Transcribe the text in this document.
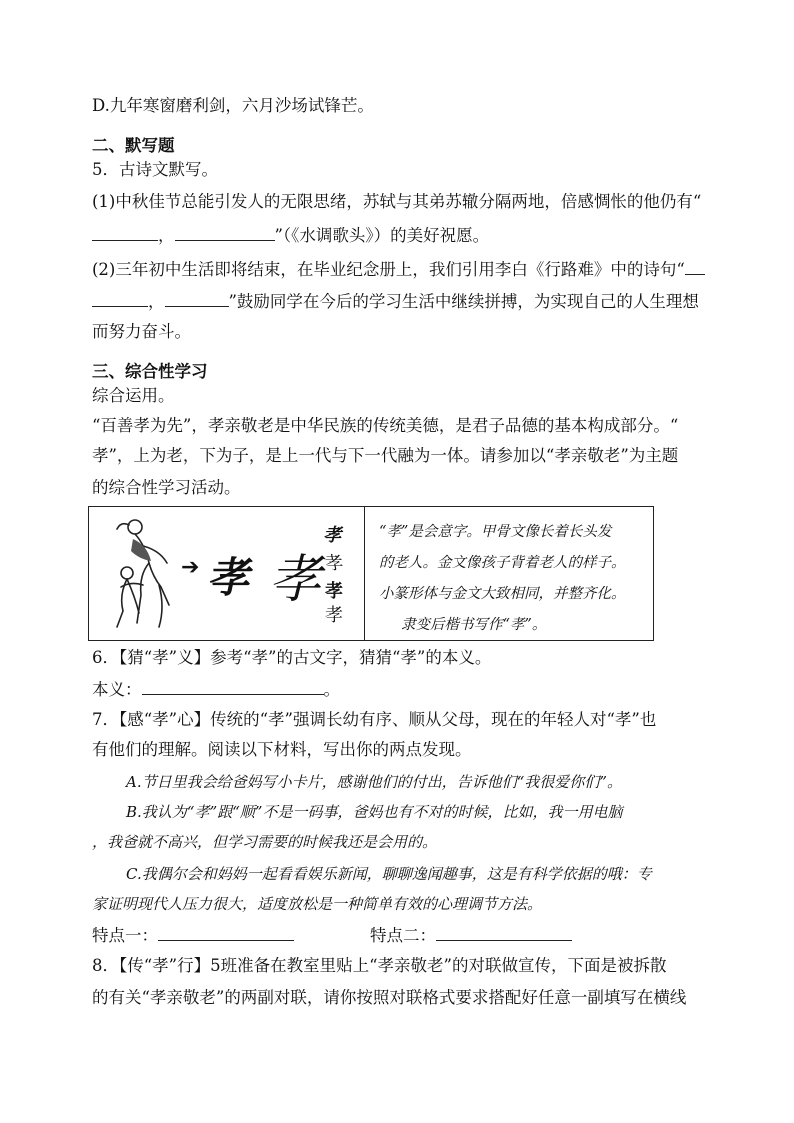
D.九年寒窗磨利剑，六月沙场试锋芒。
二、默写题
5．古诗文默写。
(1)中秋佳节总能引发人的无限思绪，苏轼与其弟苏辙分隔两地，倍感惆怅的他仍有“
，	”（《水调歌头》）的美好祝愿。
(2)三年初中生活即将结束，在毕业纪念册上，我们引用李白《行路难》中的诗句“
，	”鼓励同学在今后的学习生活中继续拼搏，为实现自己的人生理想
而努力奋斗。
三、综合性学习
综合运用。
“百善孝为先”，孝亲敬老是中华民族的传统美德，是君子品德的基本构成部分。“
孝”，上为老，下为子，是上一代与下一代融为一体。请参加以“孝亲敬老”为主题
的综合性学习活动。
➔ 孝 孝
孝
孝
孝
孝
“孝”是会意字。甲骨文像长着长头发
的老人。金文像孩子背着老人的样子。
小篆形体与金文大致相同，并整齐化。
隶变后楷书写作“孝”。
6．【猜“孝”义】参考“孝”的古文字，猜猜“孝”的本义。
本义：	。
7．【感“孝”心】传统的“孝”强调长幼有序、顺从父母，现在的年轻人对“孝”也
有他们的理解。阅读以下材料，写出你的两点发现。
A.节日里我会给爸妈写小卡片，感谢他们的付出，告诉他们“我很爱你们”。
B.我认为“孝”跟“顺”不是一码事，爸妈也有不对的时候，比如，我一用电脑
，我爸就不高兴，但学习需要的时候我还是会用的。
C.我偶尔会和妈妈一起看看娱乐新闻，聊聊逸闻趣事，这是有科学依据的哦：专
家证明现代人压力很大，适度放松是一种简单有效的心理调节方法。
特点一：	特点二：
8．【传“孝”行】5班准备在教室里贴上“孝亲敬老”的对联做宣传，下面是被拆散
的有关“孝亲敬老”的两副对联，请你按照对联格式要求搭配好任意一副填写在横线
